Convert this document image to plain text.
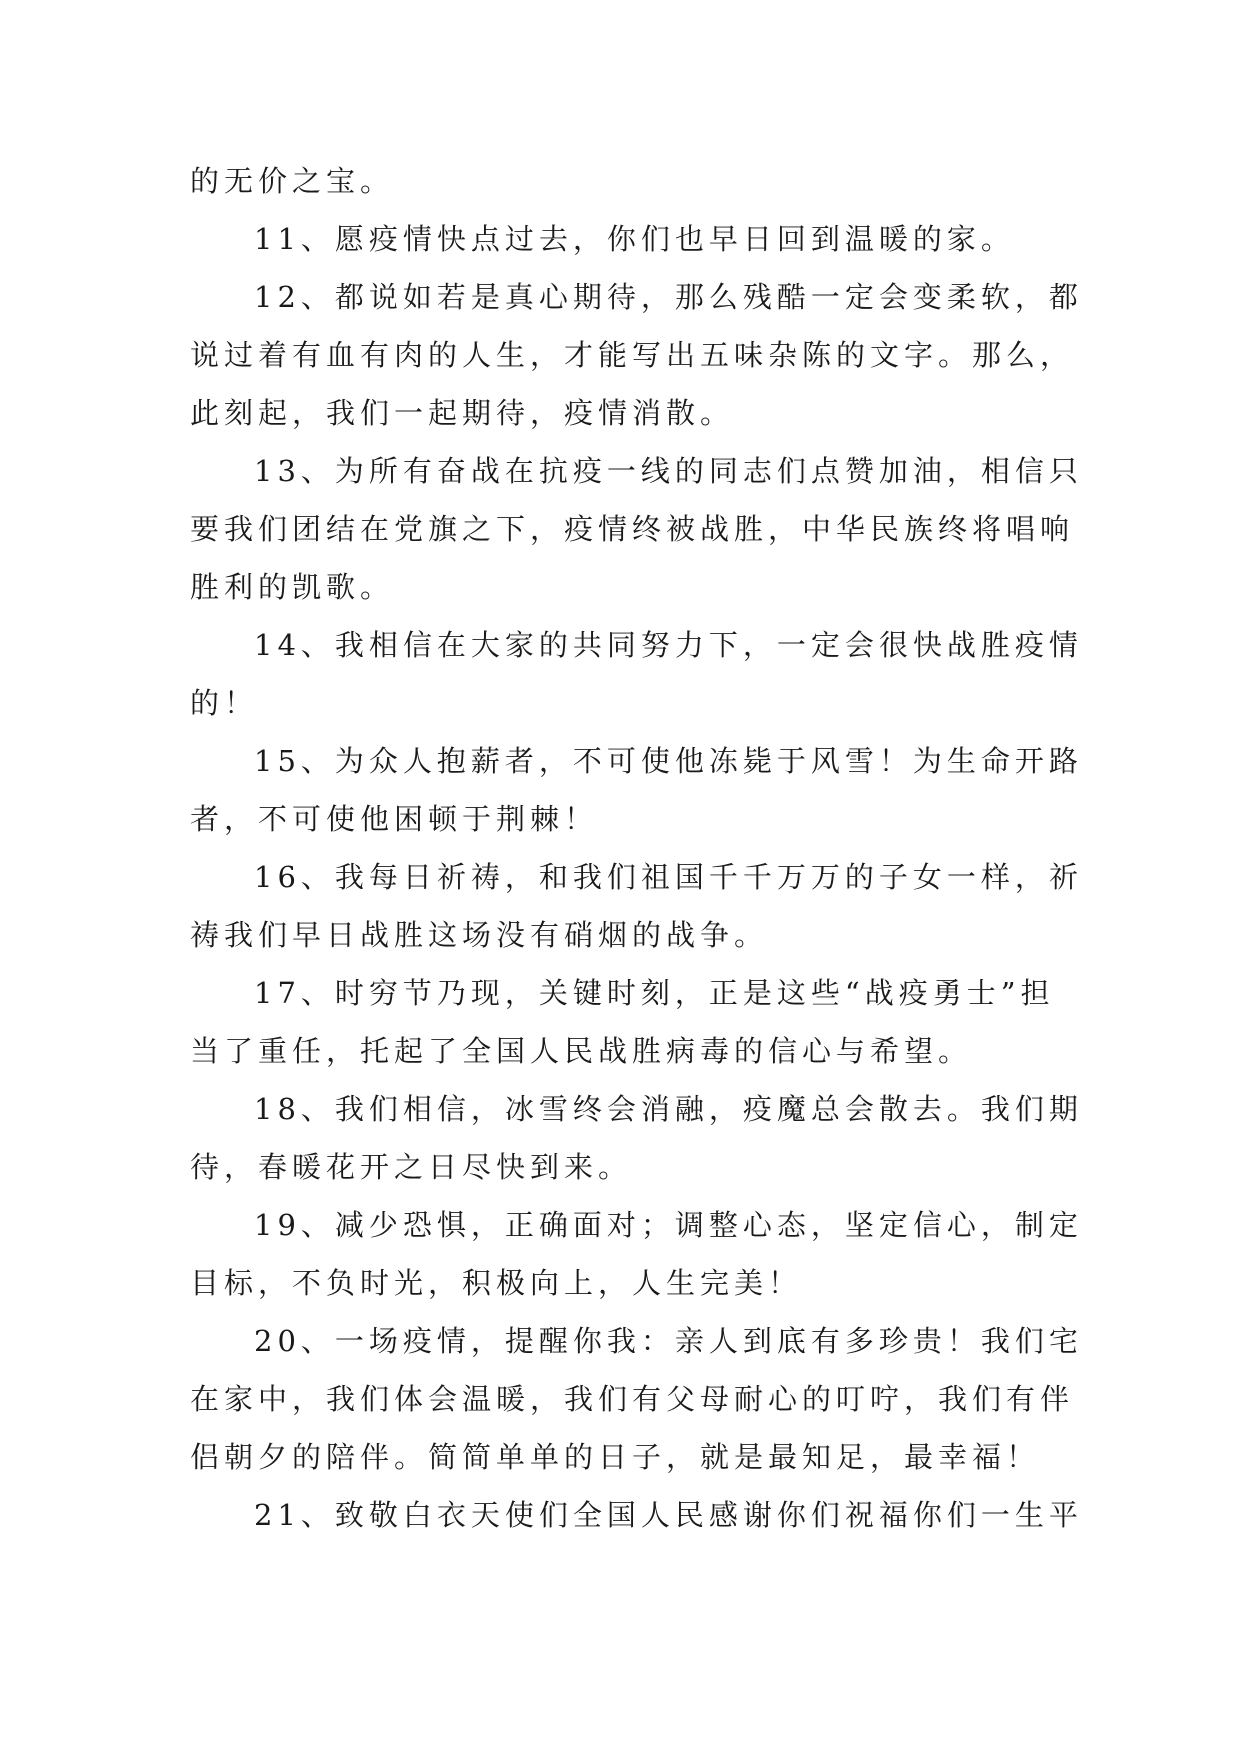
的无价之宝。
11、愿疫情快点过去，你们也早日回到温暖的家。
12、都说如若是真心期待，那么残酷一定会变柔软，都
说过着有血有肉的人生，才能写出五味杂陈的文字。那么，
此刻起，我们一起期待，疫情消散。
13、为所有奋战在抗疫一线的同志们点赞加油，相信只
要我们团结在党旗之下，疫情终被战胜，中华民族终将唱响
胜利的凯歌。
14、我相信在大家的共同努力下，一定会很快战胜疫情
的！
15、为众人抱薪者，不可使他冻毙于风雪！为生命开路
者，不可使他困顿于荆棘！
16、我每日祈祷，和我们祖国千千万万的子女一样，祈
祷我们早日战胜这场没有硝烟的战争。
17、时穷节乃现，关键时刻，正是这些“战疫勇士”担
当了重任，托起了全国人民战胜病毒的信心与希望。
18、我们相信，冰雪终会消融，疫魔总会散去。我们期
待，春暖花开之日尽快到来。
19、减少恐惧，正确面对；调整心态，坚定信心，制定
目标，不负时光，积极向上，人生完美！
20、一场疫情，提醒你我：亲人到底有多珍贵！我们宅
在家中，我们体会温暖，我们有父母耐心的叮咛，我们有伴
侣朝夕的陪伴。简简单单的日子，就是最知足，最幸福！
21、致敬白衣天使们全国人民感谢你们祝福你们一生平
